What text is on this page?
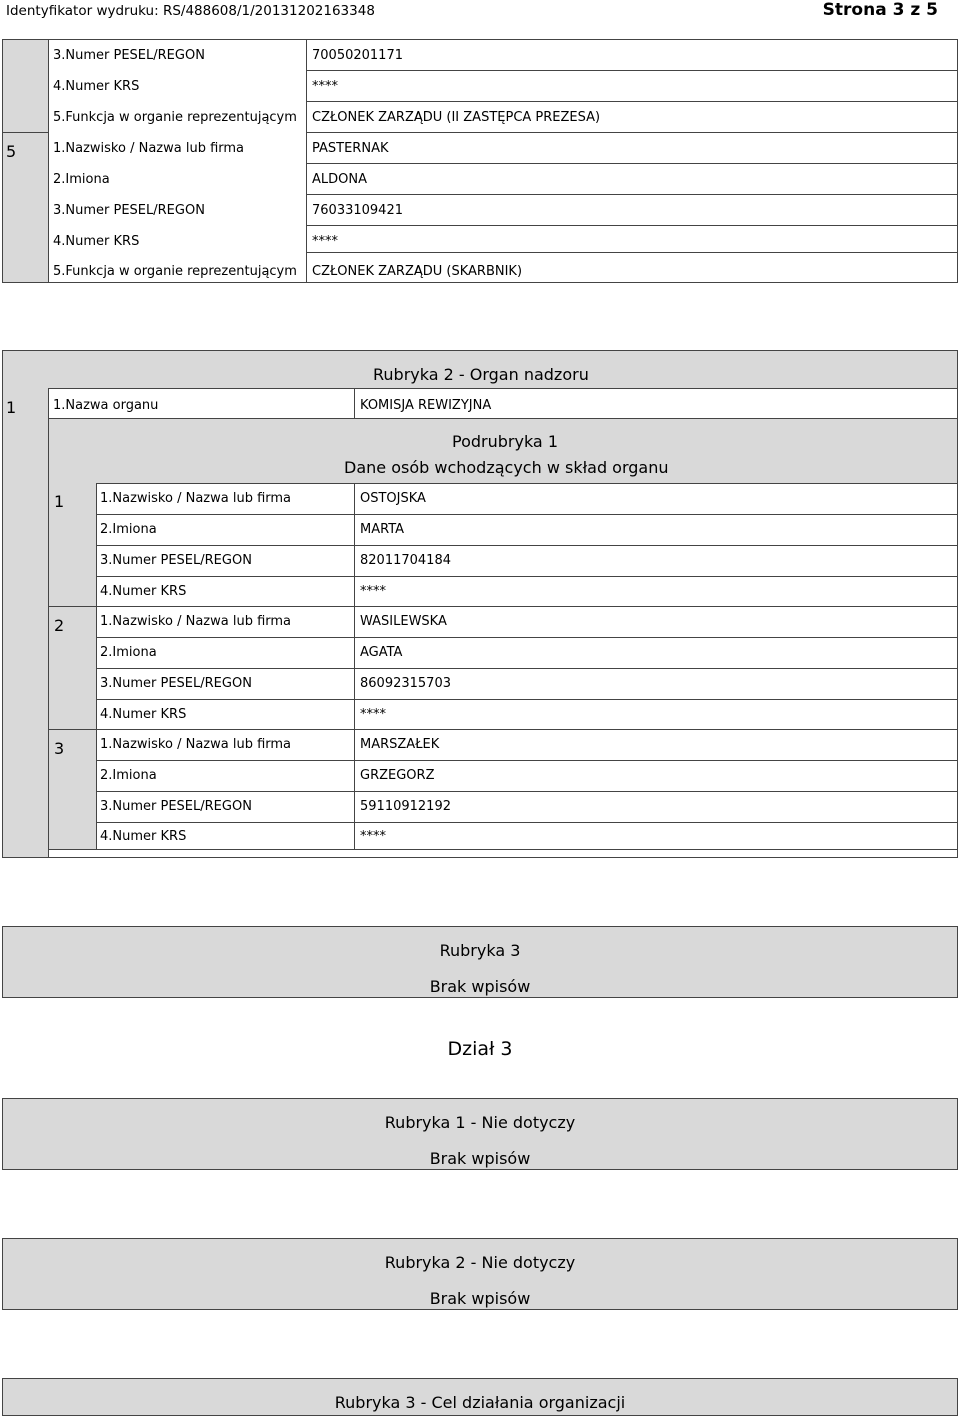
Identyfikator wydruku: RS/488608/1/20131202163348	Strona 3 z 5
3.Numer PESEL/REGON	70050201171
4.Numer KRS	****
5.Funkcja w organie reprezentującym CZŁONEK ZARZĄDU (II ZASTĘPCA PREZESA)
5	1.Nazwisko / Nazwa lub firma	PASTERNAK
2.Imiona	ALDONA
3.Numer PESEL/REGON	76033109421
4.Numer KRS	****
5.Funkcja w organie reprezentującym CZŁONEK ZARZĄDU (SKARBNIK)
Rubryka 2 - Organ nadzoru
1	1.Nazwa organu	KOMISJA REWIZYJNA
Podrubryka 1
Dane osób wchodzących w skład organu
1	1.Nazwisko / Nazwa lub firma	OSTOJSKA
2.Imiona	MARTA
3.Numer PESEL/REGON	82011704184
4.Numer KRS	****
2	1.Nazwisko / Nazwa lub firma	WASILEWSKA
2.Imiona	AGATA
3.Numer PESEL/REGON	86092315703
4.Numer KRS	****
3	1.Nazwisko / Nazwa lub firma	MARSZAŁEK
2.Imiona	GRZEGORZ
3.Numer PESEL/REGON	59110912192
4.Numer KRS	****
Rubryka 3
Brak wpisów
Dział 3
Rubryka 1 - Nie dotyczy
Brak wpisów
Rubryka 2 - Nie dotyczy
Brak wpisów
Rubryka 3 - Cel działania organizacji
